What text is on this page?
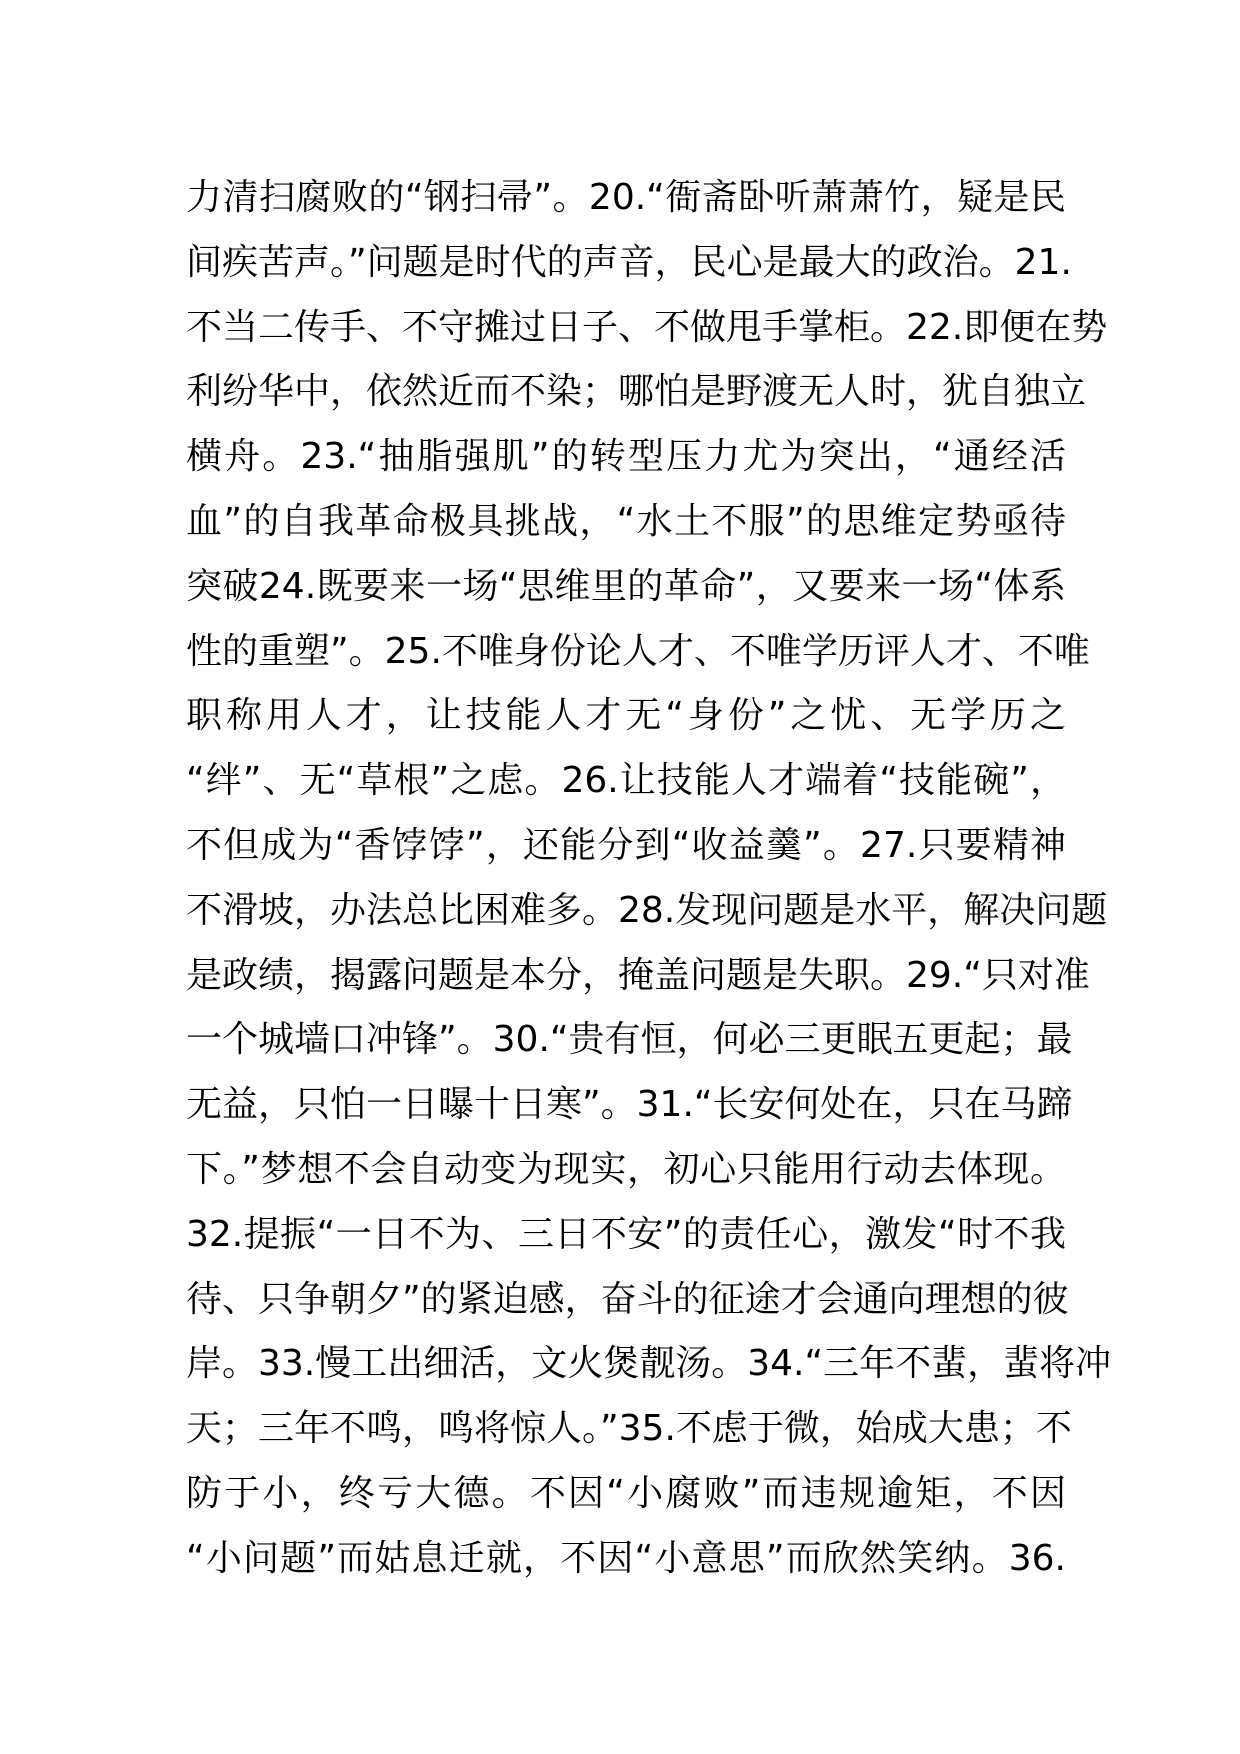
力清扫腐败的“钢扫帚”。20.“衙斋卧听萧萧竹，疑是民
间疾苦声。”问题是时代的声音，民心是最大的政治。21.
不当二传手、不守摊过日子、不做甩手掌柜。22.即便在势
利纷华中，依然近而不染；哪怕是野渡无人时，犹自独立
横舟。23.“抽脂强肌”的转型压力尤为突出，“通经活
血”的自我革命极具挑战，“水土不服”的思维定势亟待
突破24.既要来一场“思维里的革命”，又要来一场“体系
性的重塑”。25.不唯身份论人才、不唯学历评人才、不唯
职称用人才，让技能人才无“身份”之忧、无学历之
“绊”、无“草根”之虑。26.让技能人才端着“技能碗”，
不但成为“香饽饽”，还能分到“收益羹”。27.只要精神
不滑坡，办法总比困难多。28.发现问题是水平，解决问题
是政绩，揭露问题是本分，掩盖问题是失职。29.“只对准
一个城墙口冲锋”。30.“贵有恒，何必三更眠五更起；最
无益，只怕一日曝十日寒”。31.“长安何处在，只在马蹄
下。”梦想不会自动变为现实，初心只能用行动去体现。
32.提振“一日不为、三日不安”的责任心，激发“时不我
待、只争朝夕”的紧迫感，奋斗的征途才会通向理想的彼
岸。33.慢工出细活，文火煲靓汤。34.“三年不蜚，蜚将冲
天；三年不鸣，鸣将惊人。”35.不虑于微，始成大患；不
防于小，终亏大德。不因“小腐败”而违规逾矩，不因
“小问题”而姑息迁就，不因“小意思”而欣然笑纳。36.
